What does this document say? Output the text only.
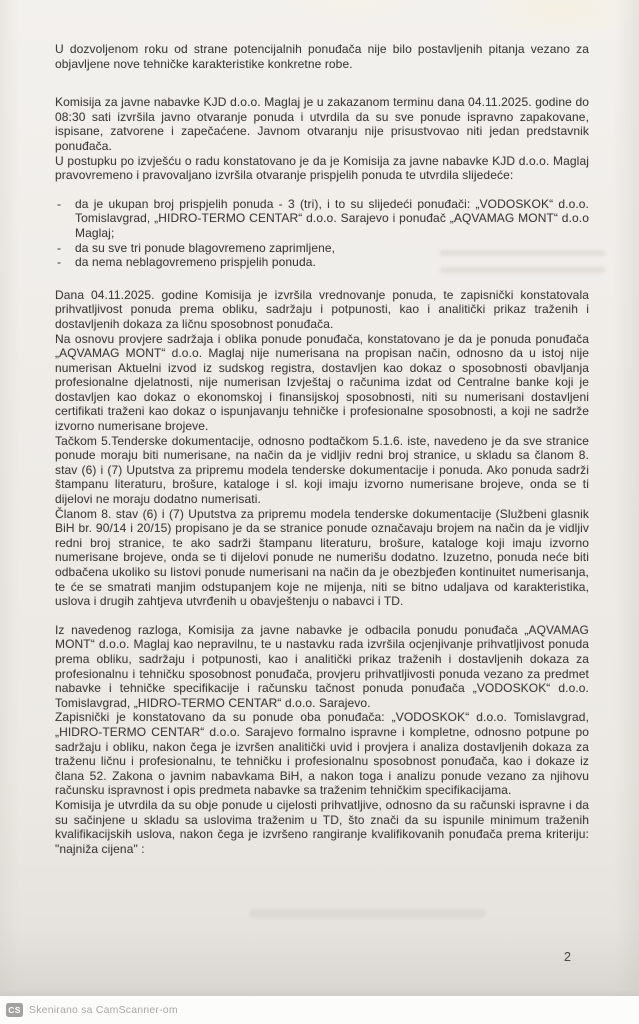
U dozvoljenom roku od strane potencijalnih ponuđača nije bilo postavljenih pitanja vezano za objavljene nove tehničke karakteristike konkretne robe.

Komisija za javne nabavke KJD d.o.o. Maglaj je u zakazanom terminu dana 04.11.2025. godine do 08:30 sati izvršila javno otvaranje ponuda i utvrdila da su sve ponude ispravno zapakovane, ispisane, zatvorene i zapečaćene. Javnom otvaranju nije prisustvovao niti jedan predstavnik ponuđača.

U postupku po izvješću o radu konstatovano je da je Komisija za javne nabavke KJD d.o.o. Maglaj pravovremeno i pravovaljano izvršila otvaranje prispjelih ponuda te utvrdila slijedeće:

-	da je ukupan broj prispjelih ponuda - 3 (tri), i to su slijedeći ponuđači: „VODOSKOK“ d.o.o. Tomislavgrad, „HIDRO-TERMO CENTAR“ d.o.o. Sarajevo i ponuđač „AQVAMAG MONT“ d.o.o Maglaj;
-	da su sve tri ponude blagovremeno zaprimljene,
-	da nema neblagovremeno prispjelih ponuda.

Dana 04.11.2025. godine Komisija je izvršila vrednovanje ponuda, te zapisnički konstatovala prihvatljivost ponuda prema obliku, sadržaju i potpunosti, kao i analitički prikaz traženih i dostavljenih dokaza za ličnu sposobnost ponuđača.

Na osnovu provjere sadržaja i oblika ponude ponuđača, konstatovano je da je ponuda ponuđača „AQVAMAG MONT“ d.o.o. Maglaj nije numerisana na propisan način, odnosno da u istoj nije numerisan Aktuelni izvod iz sudskog registra, dostavljen kao dokaz o sposobnosti obavljanja profesionalne djelatnosti, nije numerisan Izvještaj o računima izdat od Centralne banke koji je dostavljen kao dokaz o ekonomskoj i finansijskoj sposobnosti, niti su numerisani dostavljeni certifikati traženi kao dokaz o ispunjavanju tehničke i profesionalne sposobnosti, a koji ne sadrže izvorno numerisane brojeve.

Tačkom 5.Tenderske dokumentacije, odnosno podtačkom 5.1.6. iste, navedeno je da sve stranice ponude moraju biti numerisane, na način da je vidljiv redni broj stranice, u skladu sa članom 8. stav (6) i (7) Uputstva za pripremu modela tenderske dokumentacije i ponuda. Ako ponuda sadrži štampanu literaturu, brošure, kataloge i sl. koji imaju izvorno numerisane brojeve, onda se ti dijelovi ne moraju dodatno numerisati.

Članom 8. stav (6) i (7) Uputstva za pripremu modela tenderske dokumentacije (Službeni glasnik BiH br. 90/14 i 20/15) propisano je da se stranice ponude označavaju brojem na način da je vidljiv redni broj stranice, te ako sadrži štampanu literaturu, brošure, kataloge koji imaju izvorno numerisane brojeve, onda se ti dijelovi ponude ne numerišu dodatno. Izuzetno, ponuda neće biti odbačena ukoliko su listovi ponude numerisani na način da je obezbjeđen kontinuitet numerisanja, te će se smatrati manjim odstupanjem koje ne mijenja, niti se bitno udaljava od karakteristika, uslova i drugih zahtjeva utvrđenih u obavještenju o nabavci i TD.

Iz navedenog razloga, Komisija za javne nabavke je odbacila ponudu ponuđača „AQVAMAG MONT“ d.o.o. Maglaj kao nepravilnu, te u nastavku rada izvršila ocjenjivanje prihvatljivost ponuda prema obliku, sadržaju i potpunosti, kao i analitički prikaz traženih i dostavljenih dokaza za profesionalnu i tehničku sposobnost ponuđača, provjeru prihvatljivosti ponuda vezano za predmet nabavke i tehničke specifikacije i računsku tačnost ponuda ponuđača „VODOSKOK“ d.o.o. Tomislavgrad, „HIDRO-TERMO CENTAR“ d.o.o. Sarajevo.

Zapisnički je konstatovano da su ponude oba ponuđača: „VODOSKOK“ d.o.o. Tomislavgrad, „HIDRO-TERMO CENTAR“ d.o.o. Sarajevo formalno ispravne i kompletne, odnosno potpune po sadržaju i obliku, nakon čega je izvršen analitički uvid i provjera i analiza dostavljenih dokaza za traženu ličnu i profesionalnu, te tehničku i profesionalnu sposobnost ponuđača, kao i dokaze iz člana 52. Zakona o javnim nabavkama BiH, a nakon toga i analizu ponude vezano za njihovu računsku ispravnost i opis predmeta nabavke sa traženim tehničkim specifikacijama.

Komisija je utvrdila da su obje ponude u cijelosti prihvatljive, odnosno da su računski ispravne i da su sačinjene u skladu sa uslovima traženim u TD, što znači da su ispunile minimum traženih kvalifikacijskih uslova, nakon čega je izvršeno rangiranje kvalifikovanih ponuđača prema kriteriju: "najniža cijena" :

2
CS Skenirano sa CamScanner-om
